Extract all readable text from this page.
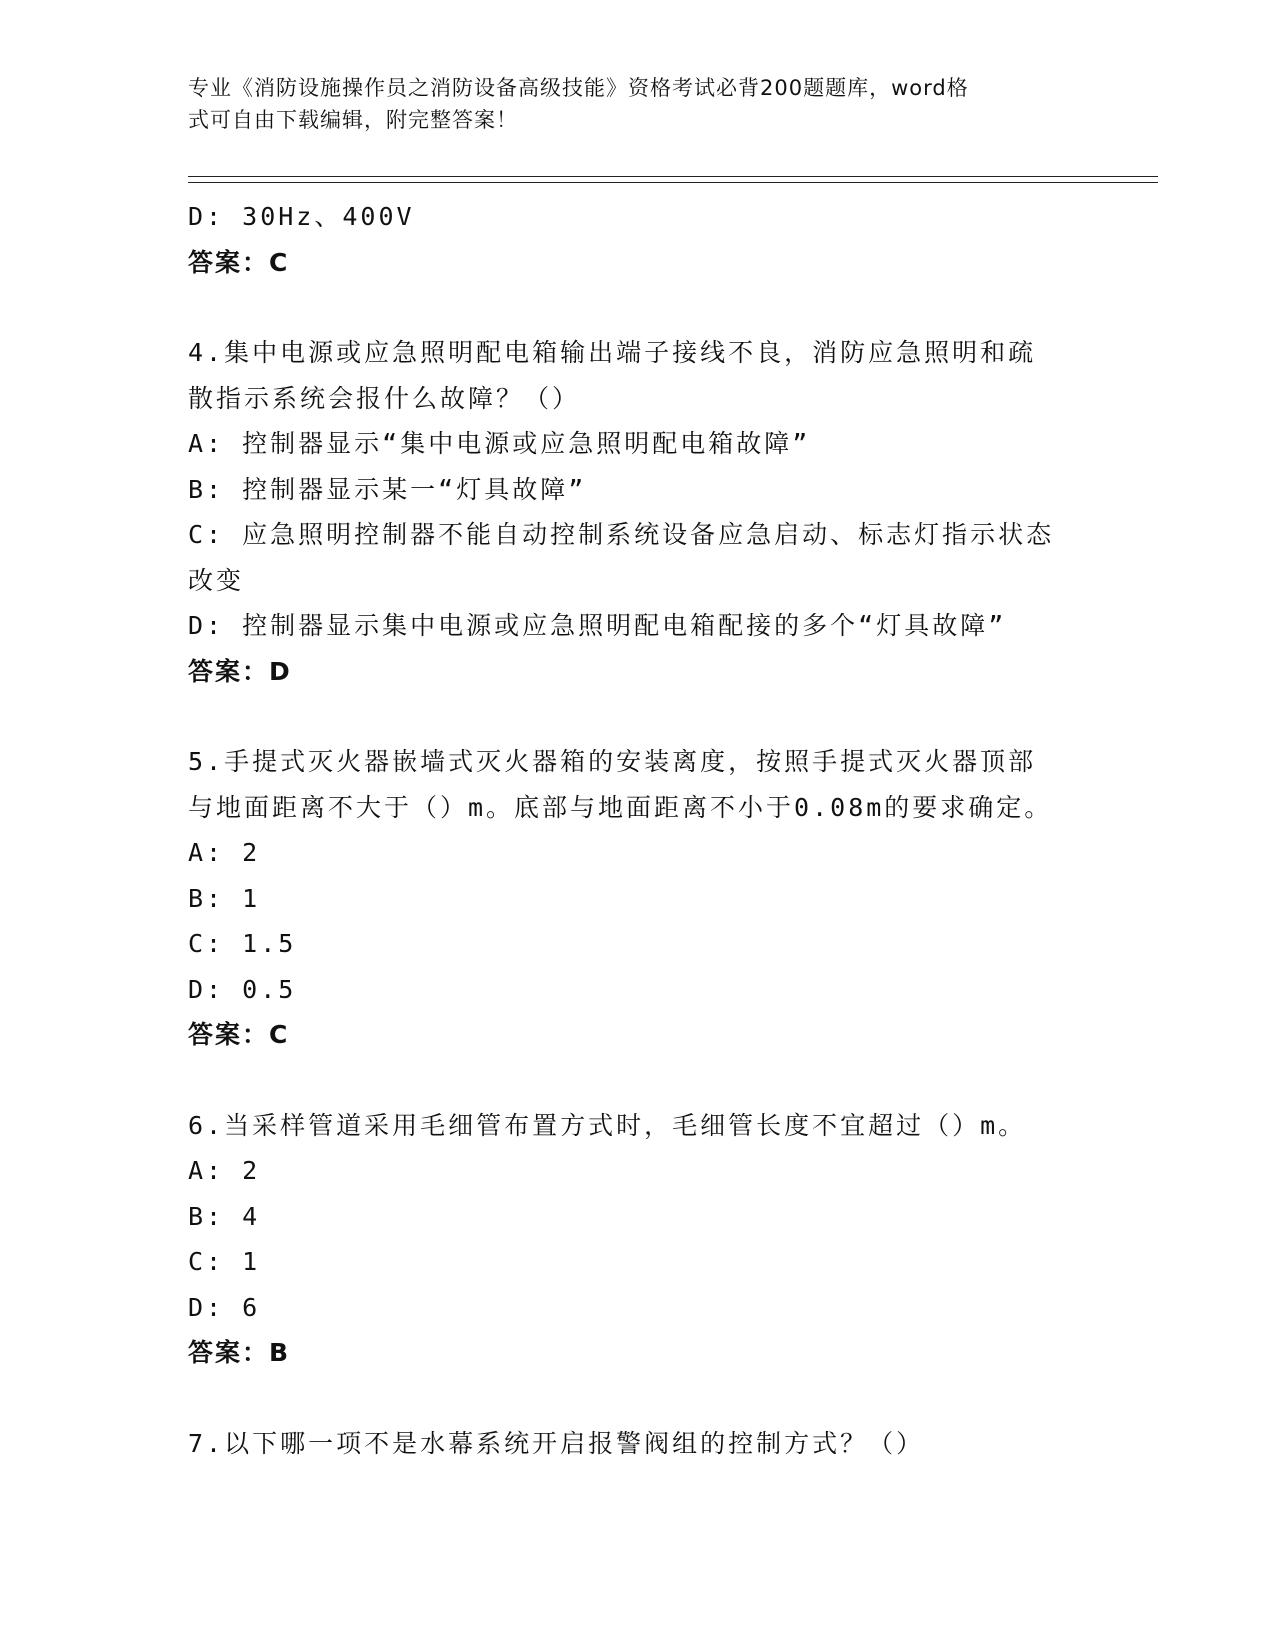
专业《消防设施操作员之消防设备高级技能》资格考试必背200题题库，word格
式可自由下载编辑，附完整答案！
D: 30Hz、400V
答案：C
4.集中电源或应急照明配电箱输出端子接线不良，消防应急照明和疏
散指示系统会报什么故障？（）
A: 控制器显示“集中电源或应急照明配电箱故障”
B: 控制器显示某一“灯具故障”
C: 应急照明控制器不能自动控制系统设备应急启动、标志灯指示状态
改变
D: 控制器显示集中电源或应急照明配电箱配接的多个“灯具故障”
答案：D
5.手提式灭火器嵌墙式灭火器箱的安装离度，按照手提式灭火器顶部
与地面距离不大于（）m。底部与地面距离不小于0.08m的要求确定。
A: 2
B: 1
C: 1.5
D: 0.5
答案：C
6.当采样管道采用毛细管布置方式时，毛细管长度不宜超过（）m。
A: 2
B: 4
C: 1
D: 6
答案：B
7.以下哪一项不是水幕系统开启报警阀组的控制方式？（）
